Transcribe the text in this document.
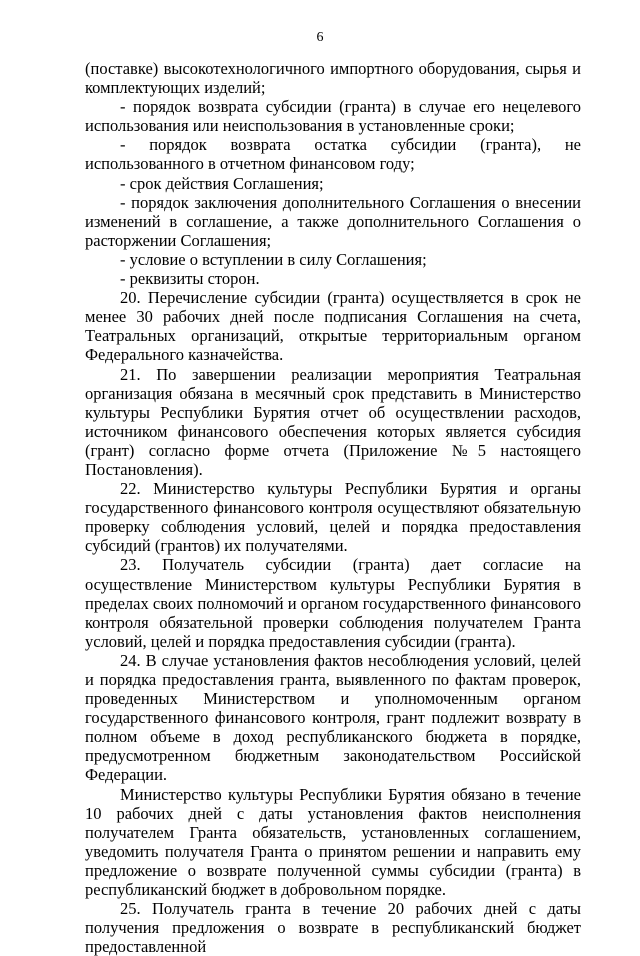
6

(поставке) высокотехнологичного импортного оборудования, сырья и комплектующих изделий;

- порядок возврата субсидии (гранта) в случае его нецелевого использования или неиспользования в установленные сроки;

- порядок возврата остатка субсидии (гранта), не использованного в отчетном финансовом году;

- срок действия Соглашения;

- порядок заключения дополнительного Соглашения о внесении изменений в соглашение, а также дополнительного Соглашения о расторжении Соглашения;

- условие о вступлении в силу Соглашения;

- реквизиты сторон.

20. Перечисление субсидии (гранта) осуществляется в срок не менее 30 рабочих дней после подписания Соглашения на счета, Театральных организаций, открытые территориальным органом Федерального казначейства.

21. По завершении реализации мероприятия Театральная организация обязана в месячный срок представить в Министерство культуры Республики Бурятия отчет об осуществлении расходов, источником финансового обеспечения которых является субсидия (грант) согласно форме отчета (Приложение №5 настоящего Постановления).

22. Министерство культуры Республики Бурятия и органы государственного финансового контроля осуществляют обязательную проверку соблюдения условий, целей и порядка предоставления субсидий (грантов) их получателями.

23. Получатель субсидии (гранта) дает согласие на осуществление Министерством культуры Республики Бурятия в пределах своих полномочий и органом государственного финансового контроля обязательной проверки соблюдения получателем Гранта условий, целей и порядка предоставления субсидии (гранта).

24. В случае установления фактов несоблюдения условий, целей и порядка предоставления гранта, выявленного по фактам проверок, проведенных Министерством и уполномоченным органом государственного финансового контроля, грант подлежит возврату в полном объеме в доход республиканского бюджета в порядке, предусмотренном бюджетным законодательством Российской Федерации.

Министерство культуры Республики Бурятия обязано в течение 10 рабочих дней с даты установления фактов неисполнения получателем Гранта обязательств, установленных соглашением, уведомить получателя Гранта о принятом решении и направить ему предложение о возврате полученной суммы субсидии (гранта) в республиканский бюджет в добровольном порядке.

25. Получатель гранта в течение 20 рабочих дней с даты получения предложения о возврате в республиканский бюджет предоставленной
